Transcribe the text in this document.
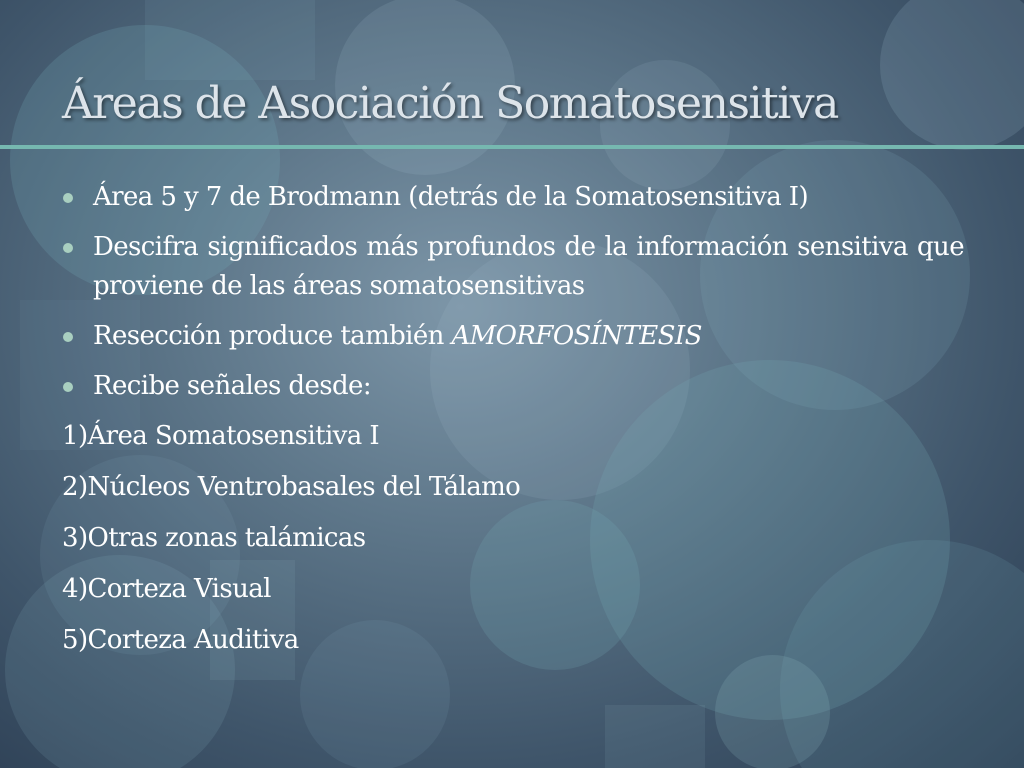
Áreas de Asociación Somatosensitiva
Área 5 y 7 de Brodmann (detrás de la Somatosensitiva I)
Descifra significados más profundos de la información sensitiva que proviene de las áreas somatosensitivas
Resección produce también AMORFOSÍNTESIS
Recibe señales desde:
1)Área Somatosensitiva I
2)Núcleos Ventrobasales del Tálamo
3)Otras zonas talámicas
4)Corteza Visual
5)Corteza Auditiva
